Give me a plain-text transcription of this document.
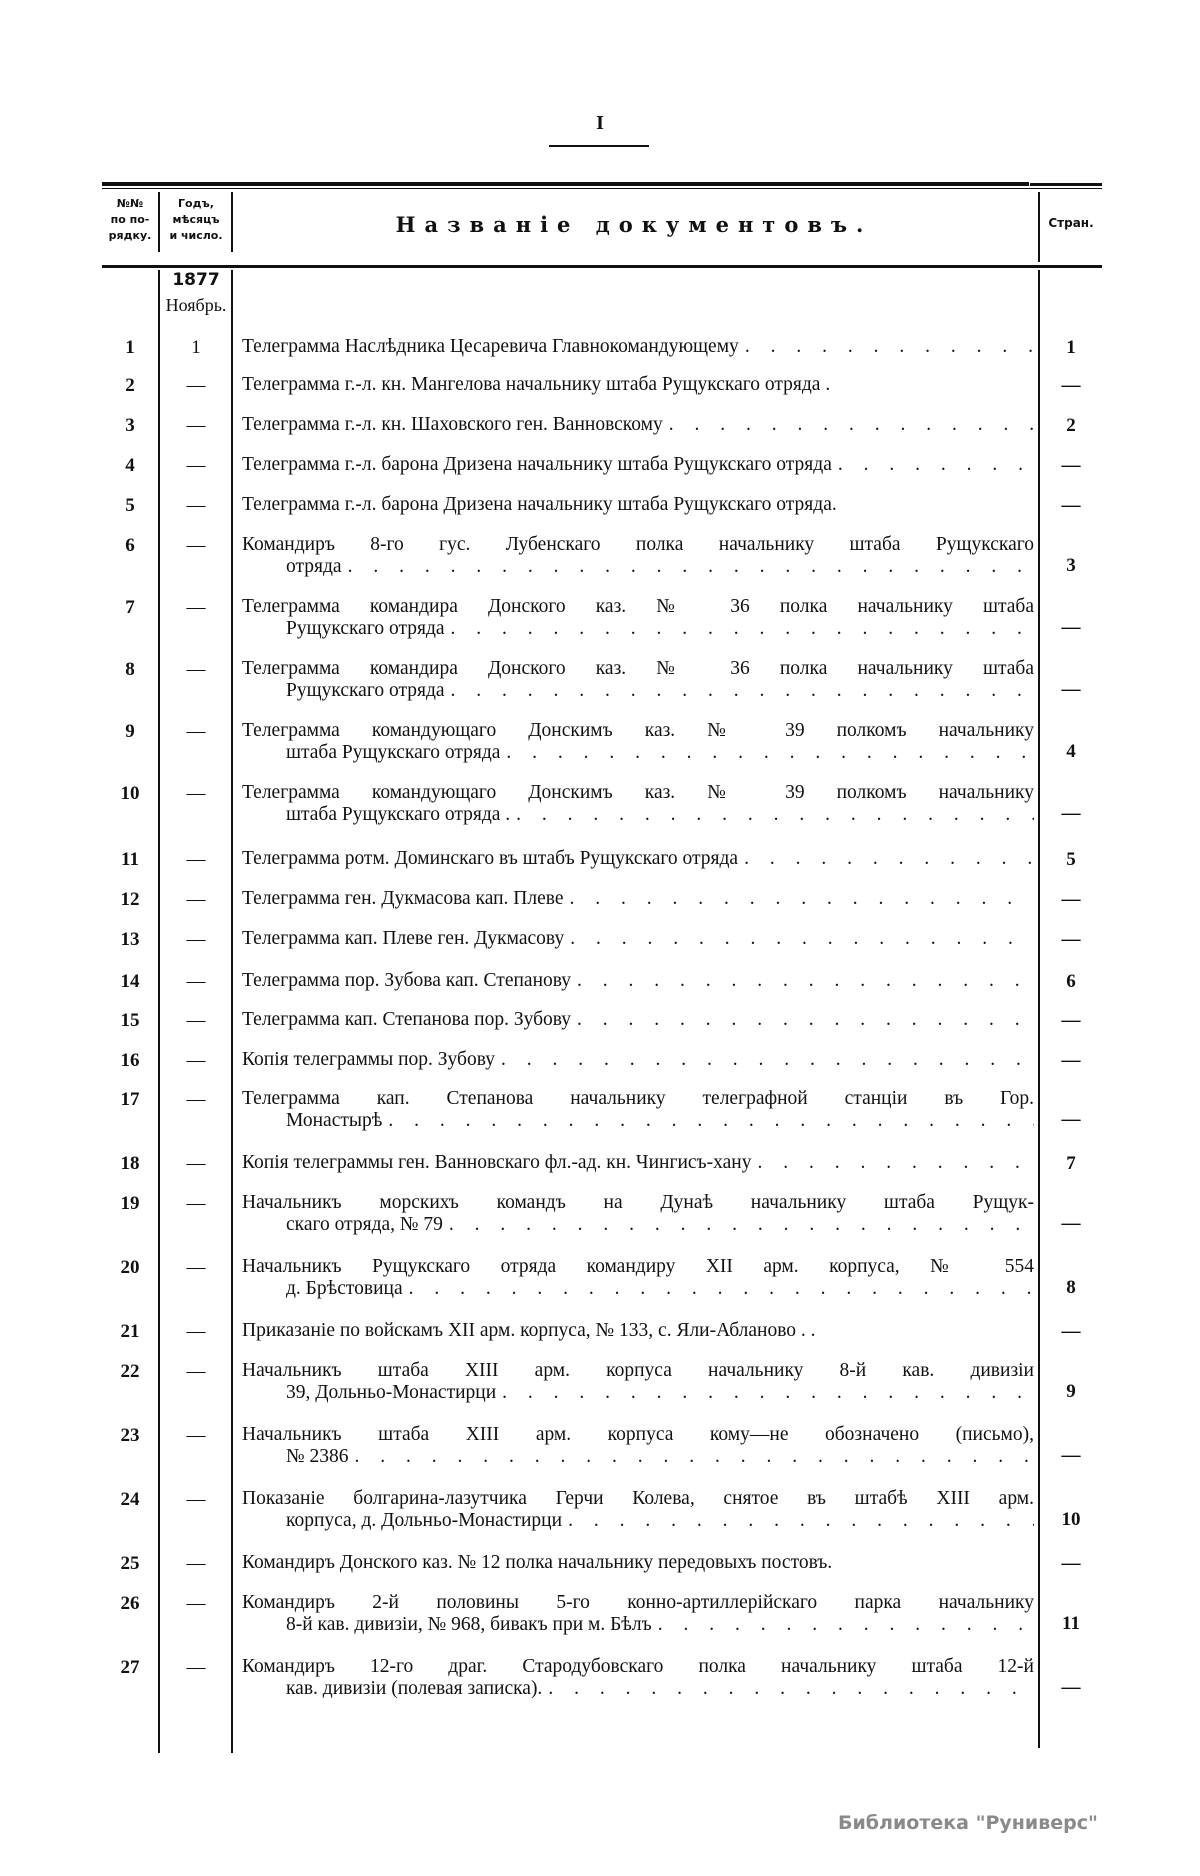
I
№№
по по-
рядку.
Годъ,
мѣсяцъ
и число.	Названіе документовъ.	Стран.
1877
Ноябрь.
1	1	Телеграмма Наслѣдника Цесаревича Главнокомандующему . . .	1
2	—	Телеграмма г.-л. кн. Мангелова начальнику штаба Рущукскаго отряда .	—
3	—	Телеграмма г.-л. кн. Шаховского ген. Ванновскому . . .	2
4	—	Телеграмма г.-л. барона Дризена начальнику штаба Рущукскаго отряда . . .	—
5	—	Телеграмма г.-л. барона Дризена начальнику штаба Рущукскаго отряда.	—
6	—	Командиръ 8-го гус. Лубенскаго полка начальнику штаба Рущукскаго
отряда . . .	3
7	—	Телеграмма командира Донского каз. № 36 полка начальнику штаба
Рущукскаго отряда . . .	—
8	—	Телеграмма командира Донского каз. № 36 полка начальнику штаба
Рущукскаго отряда . . .	—
9	—	Телеграмма командующаго Донскимъ каз. № 39 полкомъ начальнику
штаба Рущукскаго отряда . . .	4
10	—	Телеграмма командующаго Донскимъ каз. № 39 полкомъ начальнику
штаба Рущукскаго отряда . . . .	—
11	—	Телеграмма ротм. Доминскаго въ штабъ Рущукскаго отряда . . .	5
12	—	Телеграмма ген. Дукмасова кап. Плеве . . .	—
13	—	Телеграмма кап. Плеве ген. Дукмасову . . .	—
14	—	Телеграмма пор. Зубова кап. Степанову . . .	6
15	—	Телеграмма кап. Степанова пор. Зубову . . .	—
16	—	Копія телеграммы пор. Зубову . . .	—
17	—	Телеграмма кап. Степанова начальнику телеграфной станціи въ Гор.
Монастырѣ . . .	—
18	—	Копія телеграммы ген. Ванновскаго фл.-ад. кн. Чингисъ-хану . . .	7
19	—	Начальникъ морскихъ командъ на Дунаѣ начальнику штаба Рущук-
скаго отряда, № 79 . . .	—
20	—	Начальникъ Рущукскаго отряда командиру XII арм. корпуса, № 554
д. Брѣстовица . . .	8
21	—	Приказаніе по войскамъ XII арм. корпуса, № 133, с. Яли-Абланово . .	—
22	—	Начальникъ штаба XIII арм. корпуса начальнику 8-й кав. дивизіи
39, Дольньо-Монастирци . . .	9
23	—	Начальникъ штаба XIII арм. корпуса кому—не обозначено (письмо),
№ 2386 . . .	—
24	—	Показаніе болгарина-лазутчика Герчи Колева, снятое въ штабѣ XIII арм.
корпуса, д. Дольньо-Монастирци . . .	10
25	—	Командиръ Донского каз. № 12 полка начальнику передовыхъ постовъ.	—
26	—	Командиръ 2-й половины 5-го конно-артиллерійскаго парка начальнику
8-й кав. дивизіи, № 968, бивакъ при м. Бѣлъ . . .	11
27	—	Командиръ 12-го драг. Стародубовскаго полка начальнику штаба 12-й
кав. дивизіи (полевая записка). . . .	—
Библиотека "Руниверс"
